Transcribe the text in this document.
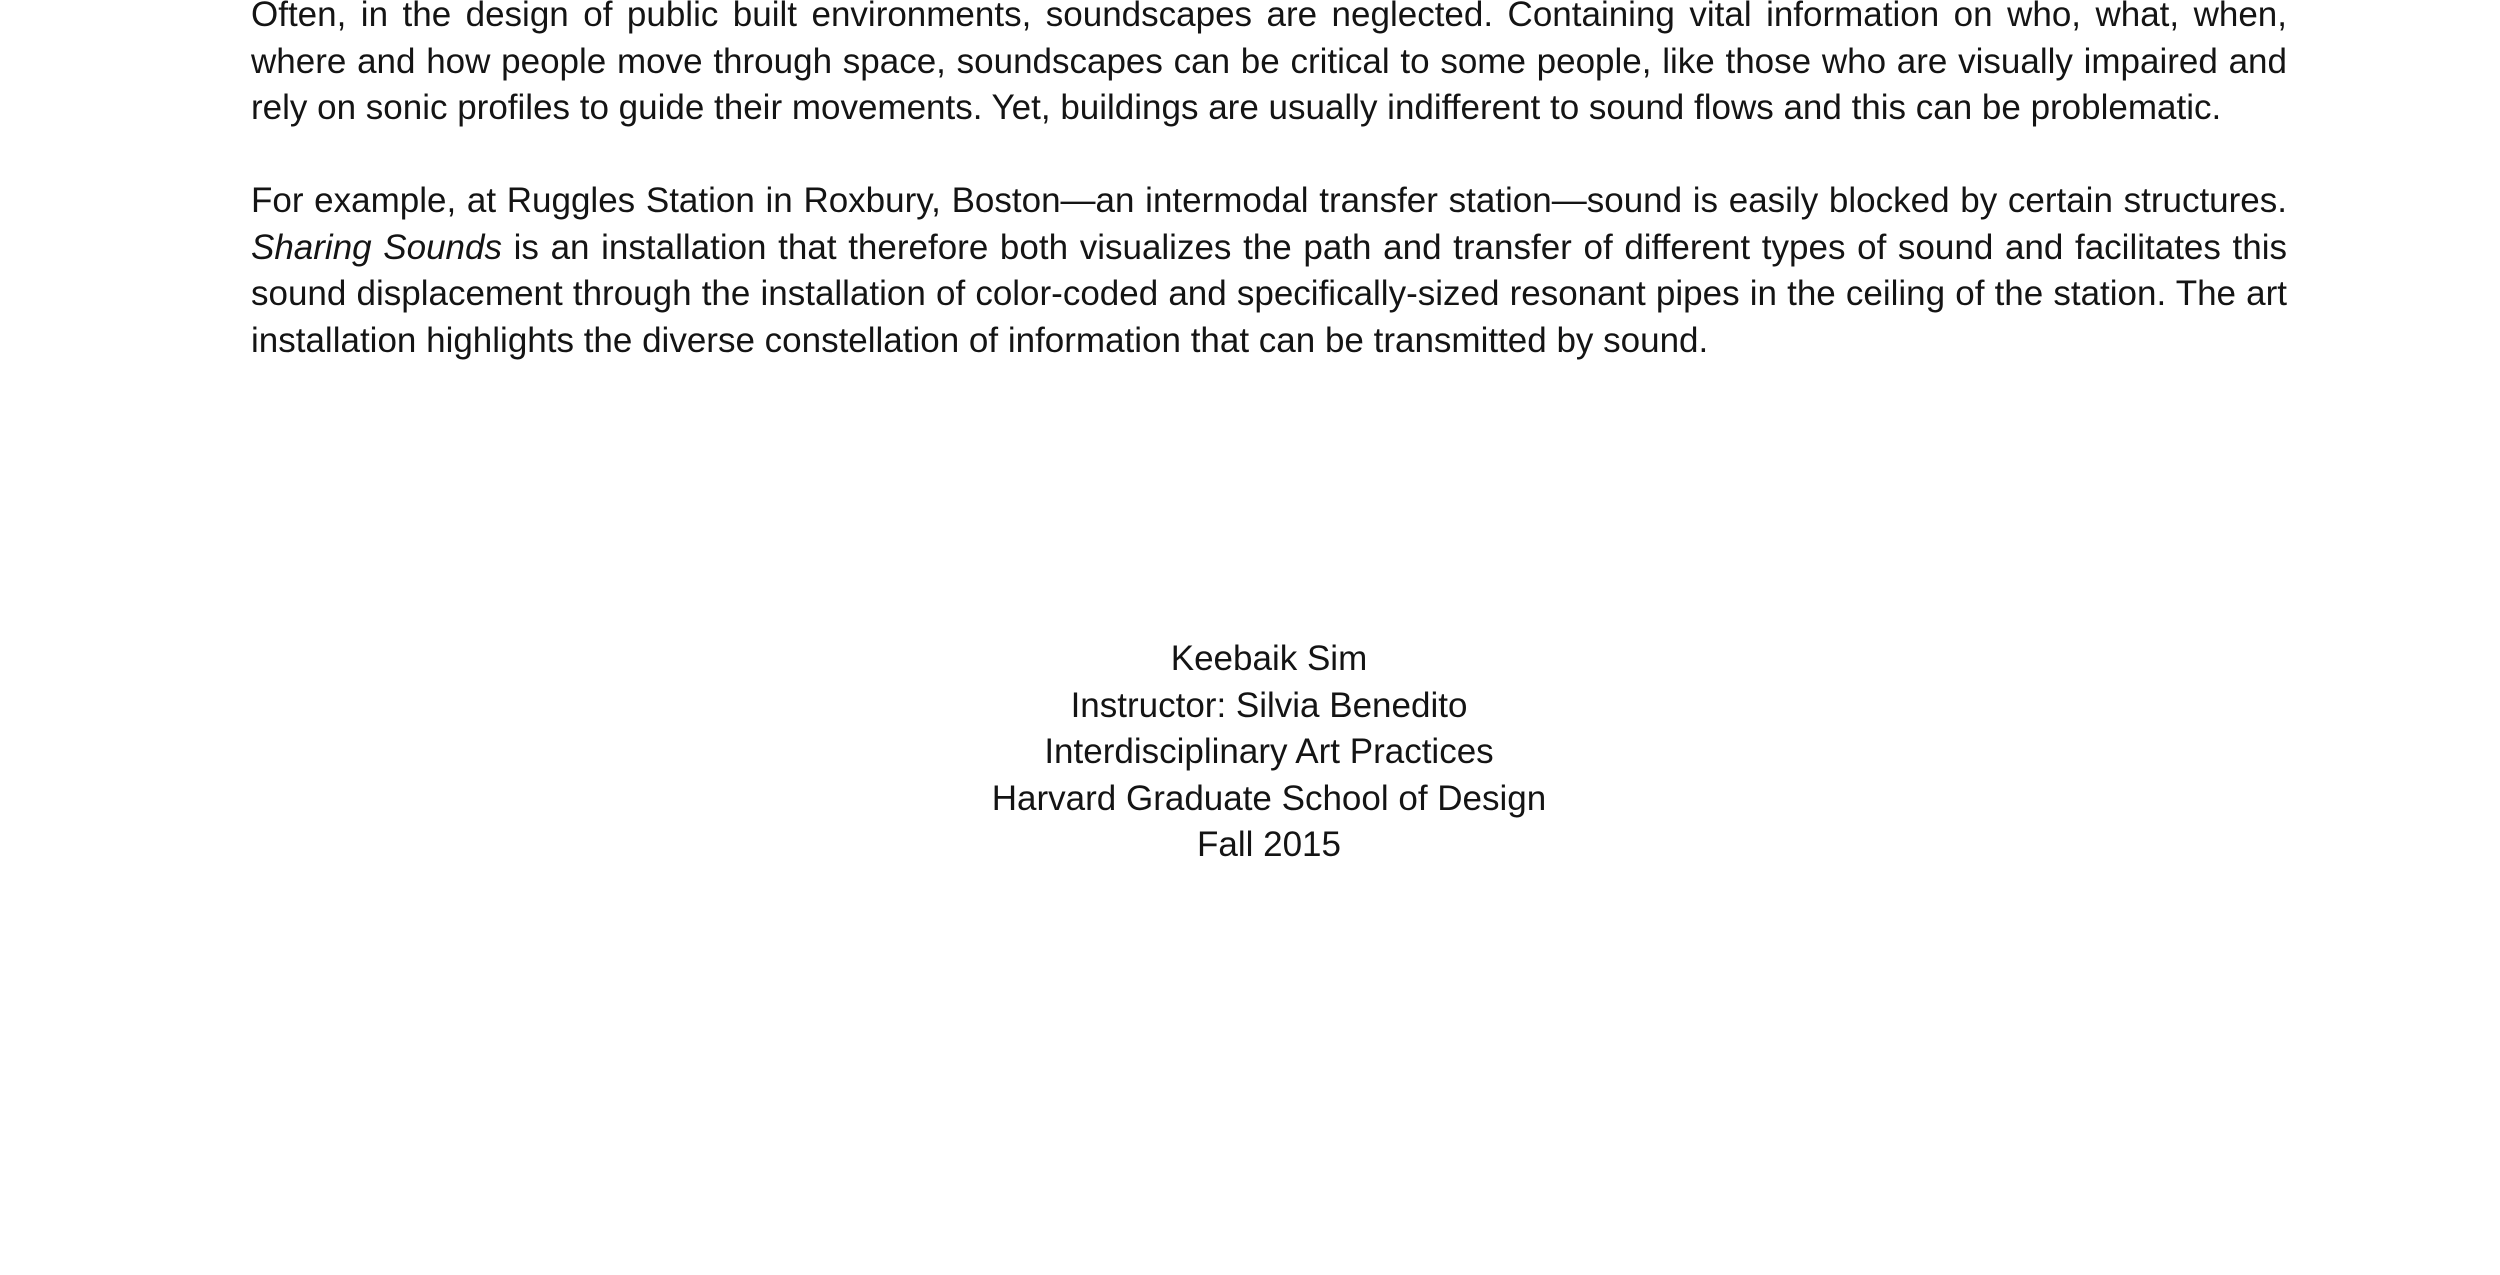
Often, in the design of public built environments, soundscapes are neglected. Containing vital information on who, what, when, where and how people move through space, soundscapes can be critical to some people, like those who are visually impaired and rely on sonic profiles to guide their movements. Yet, buildings are usually indifferent to sound flows and this can be problematic.

For example, at Ruggles Station in Roxbury, Boston—an intermodal transfer station—sound is easily blocked by certain structures. Sharing Sounds is an installation that therefore both visualizes the path and transfer of different types of sound and facilitates this sound displacement through the installation of color-coded and specifically-sized resonant pipes in the ceiling of the station. The art installation highlights the diverse constellation of information that can be transmitted by sound.

Keebaik Sim
Instructor: Silvia Benedito
Interdisciplinary Art Practices
Harvard Graduate School of Design
Fall 2015
